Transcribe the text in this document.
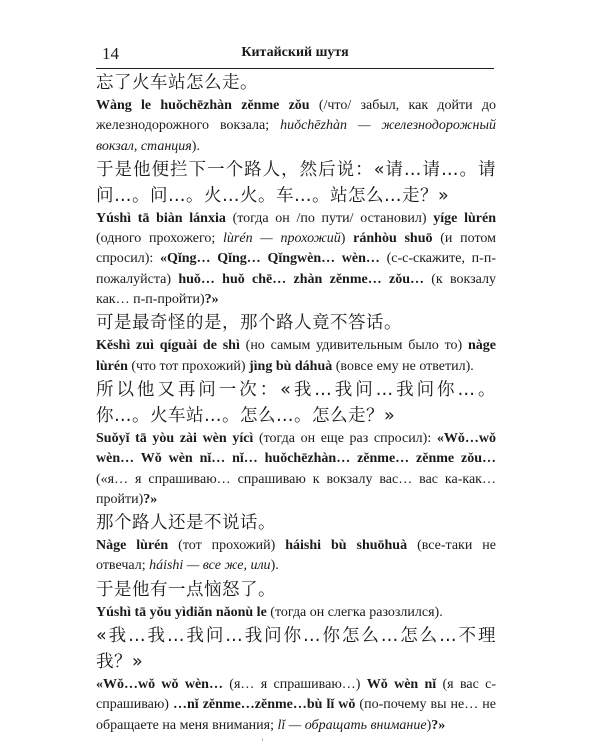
14	Китайский шутя

忘了火车站怎么走。

Wàng le huǒchēzhàn zěnme zǒu (/что/ забыл, как дойти до железнодорожного вокзала; huǒchēzhàn — железнодорожный вокзал, станция).

于是他便拦下一个路人，然后说：«请…请…。请问…。问…。火…火。车…。站怎么…走？»

Yúshì tā biàn lánxia (тогда он /по пути/ остановил) yíge lùrén (одного прохожего; lùrén — прохожий) ránhòu shuō (и потом спросил): «Qǐng… Qǐng… Qǐngwèn… wèn… (с-с-скажите, п-п-пожалуйста) huǒ… huǒ chē… zhàn zěnme… zǒu… (к вокзалу как… п-п-пройти)?»

可是最奇怪的是，那个路人竟不答话。

Kěshì zuì qíguài de shì (но самым удивительным было то) nàge lùrén (что тот прохожий) jìng bù dáhuà (вовсе ему не ответил).

所以他又再问一次：«我…我问…我问你…。你…。火车站…。怎么…。怎么走？»

Suǒyǐ tā yòu zài wèn yícì (тогда он еще раз спросил): «Wǒ…wǒ wèn… Wǒ wèn nǐ… nǐ… huǒchēzhàn… zěnme… zěnme zǒu… («я… я спрашиваю… спрашиваю к вокзалу вас… вас ка-как… пройти)?»

那个路人还是不说话。

Nàge lùrén (тот прохожий) háishi bù shuōhuà (все-таки не отвечал; háishi — все же, или).

于是他有一点恼怒了。

Yúshì tā yǒu yìdiǎn nǎonù le (тогда он слегка разозлился).

«我…我…我问…我问你…你怎么…怎么…不理我？»

«Wǒ…wǒ wǒ wèn… (я… я спрашиваю…) Wǒ wèn nǐ (я вас с-спрашиваю) …nǐ zěnme…zěnme…bù lǐ wǒ (по-почему вы не… не обращаете на меня внимания; lǐ — обращать внимание)?»
